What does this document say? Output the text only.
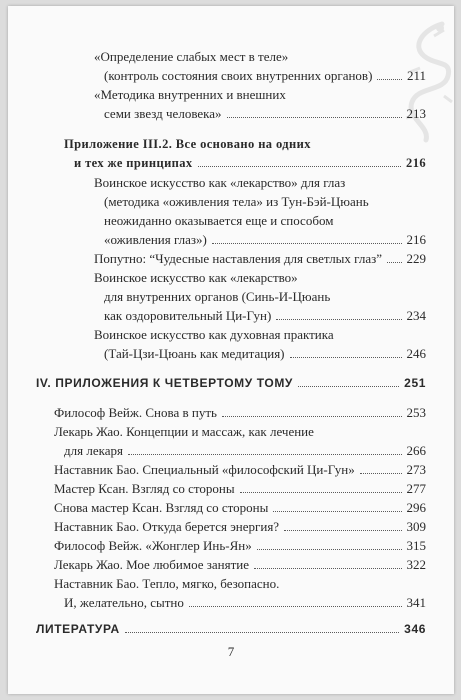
«Определение слабых мест в теле»
(контроль состояния своих внутренних органов)	211
«Методика внутренних и внешних
семи звезд человека»	213
Приложение III.2. Все основано на одних
и тех же принципах	216
Воинское искусство как «лекарство» для глаз
(методика «оживления тела» из Тун-Бэй-Цюань
неожиданно оказывается еще и способом
«оживления глаз»)	216
Попутно: “Чудесные наставления для светлых глаз” 229
Воинское искусство как «лекарство»
для внутренних органов (Синь-И-Цюань
как оздоровительный Ци-Гун)	234
Воинское искусство как духовная практика
(Тай-Цзи-Цюань как медитация)	246
IV. ПРИЛОЖЕНИЯ К ЧЕТВЕРТОМУ ТОМУ	251
Философ Вейж. Снова в путь	253
Лекарь Жао. Концепции и массаж, как лечение
для лекаря	266
Наставник Бао. Специальный «философский Ци-Гун»	273
Мастер Ксан. Взгляд со стороны	277
Снова мастер Ксан. Взгляд со стороны	296
Наставник Бао. Откуда берется энергия?	309
Философ Вейж. «Жонглер Инь-Ян»	315
Лекарь Жао. Мое любимое занятие	322
Наставник Бао. Тепло, мягко, безопасно.
И, желательно, сытно	341
ЛИТЕРАТУРА	346
7
